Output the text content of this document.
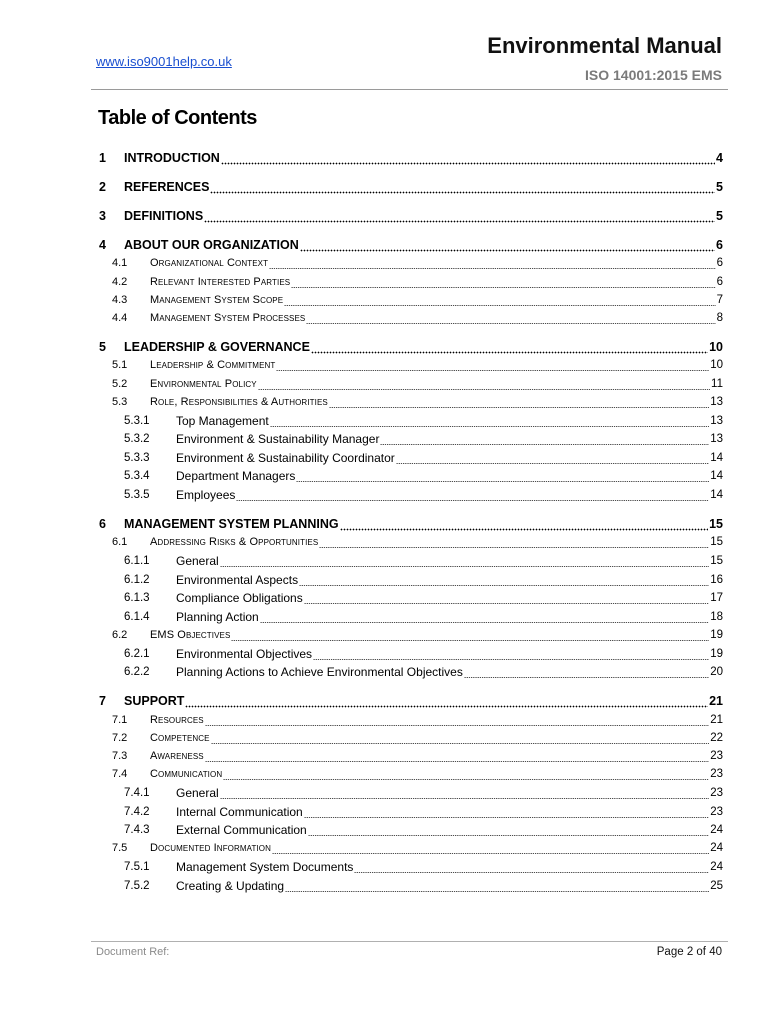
www.iso9001help.co.uk
Environmental Manual
ISO 14001:2015 EMS
Table of Contents
1	INTRODUCTION	4
2	REFERENCES	5
3	DEFINITIONS	5
4	ABOUT OUR ORGANIZATION	6
4.1	Organizational Context	6
4.2	Relevant Interested Parties	6
4.3	Management System Scope	7
4.4	Management System Processes	8
5	LEADERSHIP & GOVERNANCE	10
5.1	Leadership & Commitment	10
5.2	Environmental Policy	11
5.3	Role, Responsibilities & Authorities	13
5.3.1	Top Management	13
5.3.2	Environment & Sustainability Manager	13
5.3.3	Environment & Sustainability Coordinator	14
5.3.4	Department Managers	14
5.3.5	Employees	14
6	MANAGEMENT SYSTEM PLANNING	15
6.1	Addressing Risks & Opportunities	15
6.1.1	General	15
6.1.2	Environmental Aspects	16
6.1.3	Compliance Obligations	17
6.1.4	Planning Action	18
6.2	EMS Objectives	19
6.2.1	Environmental Objectives	19
6.2.2	Planning Actions to Achieve Environmental Objectives	20
7	SUPPORT	21
7.1	Resources	21
7.2	Competence	22
7.3	Awareness	23
7.4	Communication	23
7.4.1	General	23
7.4.2	Internal Communication	23
7.4.3	External Communication	24
7.5	Documented Information	24
7.5.1	Management System Documents	24
7.5.2	Creating & Updating	25
Document Ref:	Page 2 of 40
